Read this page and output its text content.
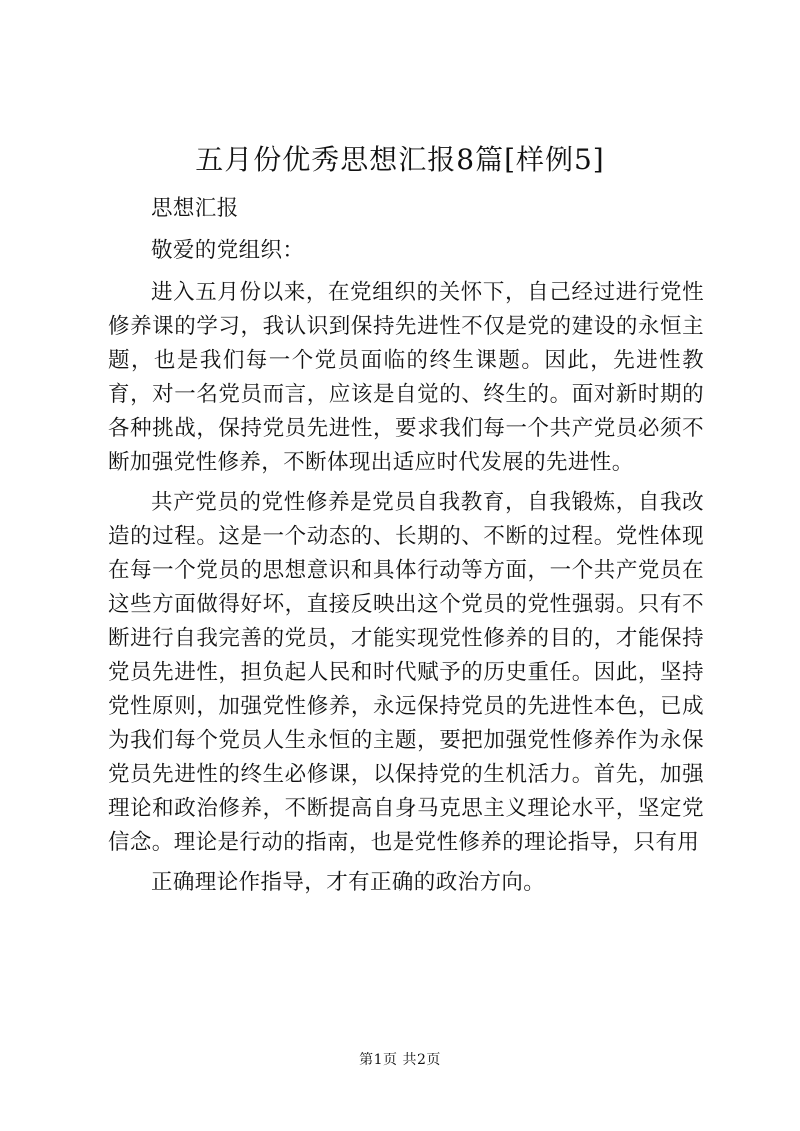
五月份优秀思想汇报8篇[样例5]

思想汇报

敬爱的党组织：

进入五月份以来，在党组织的关怀下，自己经过进行党性修养课的学习，我认识到保持先进性不仅是党的建设的永恒主题，也是我们每一个党员面临的终生课题。因此，先进性教育，对一名党员而言，应该是自觉的、终生的。面对新时期的各种挑战，保持党员先进性，要求我们每一个共产党员必须不断加强党性修养，不断体现出适应时代发展的先进性。

共产党员的党性修养是党员自我教育，自我锻炼，自我改造的过程。这是一个动态的、长期的、不断的过程。党性体现在每一个党员的思想意识和具体行动等方面，一个共产党员在这些方面做得好坏，直接反映出这个党员的党性强弱。只有不断进行自我完善的党员，才能实现党性修养的目的，才能保持党员先进性，担负起人民和时代赋予的历史重任。因此，坚持党性原则，加强党性修养，永远保持党员的先进性本色，已成为我们每个党员人生永恒的主题，要把加强党性修养作为永保党员先进性的终生必修课，以保持党的生机活力。首先，加强理论和政治修养，不断提高自身马克思主义理论水平，坚定党信念。理论是行动的指南，也是党性修养的理论指导，只有用

正确理论作指导，才有正确的政治方向。

第1页 共2页
